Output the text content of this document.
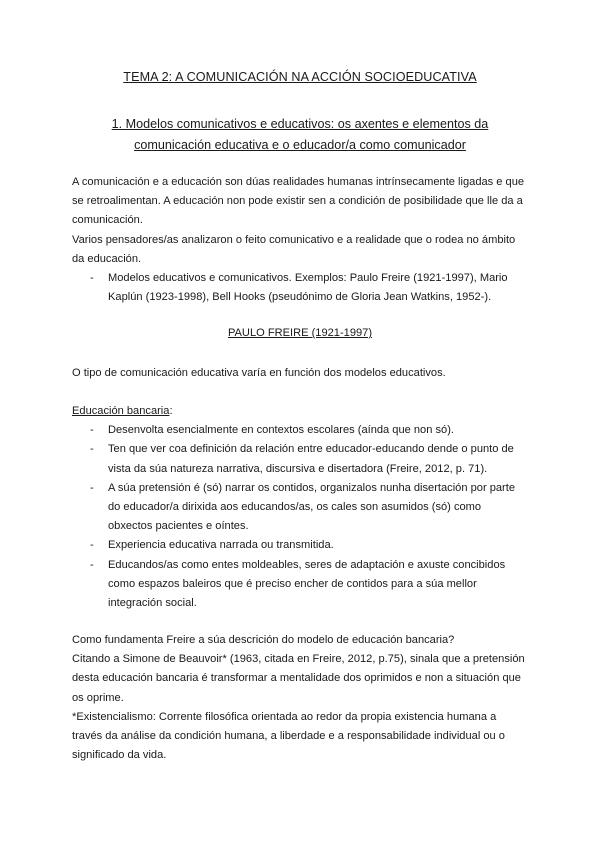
TEMA 2: A COMUNICACIÓN NA ACCIÓN SOCIOEDUCATIVA
1. Modelos comunicativos e educativos: os axentes e elementos da
comunicación educativa e o educador/a como comunicador
A comunicación e a educación son dúas realidades humanas intrínsecamente ligadas e que
se retroalimentan. A educación non pode existir sen a condición de posibilidade que lle da a
comunicación.
Varios pensadores/as analizaron o feito comunicativo e a realidade que o rodea no ámbito
da educación.
- Modelos educativos e comunicativos. Exemplos: Paulo Freire (1921-1997), Mario
Kaplún (1923-1998), Bell Hooks (pseudónimo de Gloria Jean Watkins, 1952-).
PAULO FREIRE (1921-1997)
O tipo de comunicación educativa varía en función dos modelos educativos.
Educación bancaria:
- Desenvolta esencialmente en contextos escolares (aínda que non só).
- Ten que ver coa definición da relación entre educador-educando dende o punto de
vista da súa natureza narrativa, discursiva e disertadora (Freire, 2012, p. 71).
- A súa pretensión é (só) narrar os contidos, organizalos nunha disertación por parte
do educador/a dirixida aos educandos/as, os cales son asumidos (só) como
obxectos pacientes e oíntes.
- Experiencia educativa narrada ou transmitida.
- Educandos/as como entes moldeables, seres de adaptación e axuste concibidos
como espazos baleiros que é preciso encher de contidos para a súa mellor
integración social.
Como fundamenta Freire a súa descrición do modelo de educación bancaria?
Citando a Simone de Beauvoir* (1963, citada en Freire, 2012, p.75), sinala que a pretensión
desta educación bancaria é transformar a mentalidade dos oprimidos e non a situación que
os oprime.
*Existencialismo: Corrente filosófica orientada ao redor da propia existencia humana a
través da análise da condición humana, a liberdade e a responsabilidade individual ou o
significado da vida.
